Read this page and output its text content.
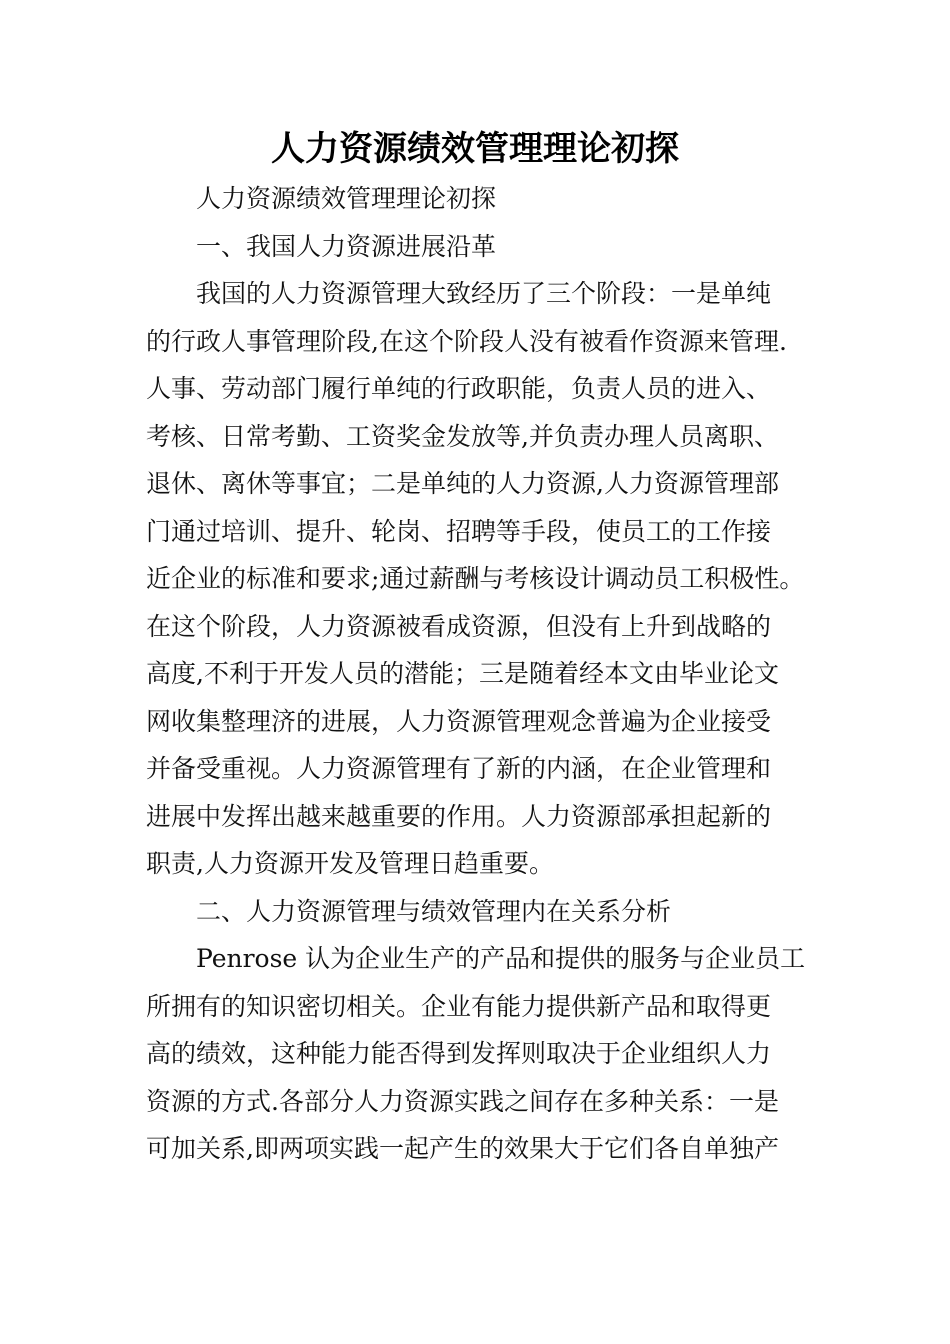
人力资源绩效管理理论初探
人力资源绩效管理理论初探
一、我国人力资源进展沿革
我国的人力资源管理大致经历了三个阶段：一是单纯
的行政人事管理阶段,在这个阶段人没有被看作资源来管理.
人事、劳动部门履行单纯的行政职能，负责人员的进入、
考核、日常考勤、工资奖金发放等,并负责办理人员离职、
退休、离休等事宜；二是单纯的人力资源,人力资源管理部
门通过培训、提升、轮岗、招聘等手段，使员工的工作接
近企业的标准和要求;通过薪酬与考核设计调动员工积极性。
在这个阶段，人力资源被看成资源，但没有上升到战略的
高度,不利于开发人员的潜能；三是随着经本文由毕业论文
网收集整理济的进展，人力资源管理观念普遍为企业接受
并备受重视。人力资源管理有了新的内涵，在企业管理和
进展中发挥出越来越重要的作用。人力资源部承担起新的
职责,人力资源开发及管理日趋重要。
二、人力资源管理与绩效管理内在关系分析
Penrose 认为企业生产的产品和提供的服务与企业员工
所拥有的知识密切相关。企业有能力提供新产品和取得更
高的绩效，这种能力能否得到发挥则取决于企业组织人力
资源的方式.各部分人力资源实践之间存在多种关系：一是
可加关系,即两项实践一起产生的效果大于它们各自单独产
